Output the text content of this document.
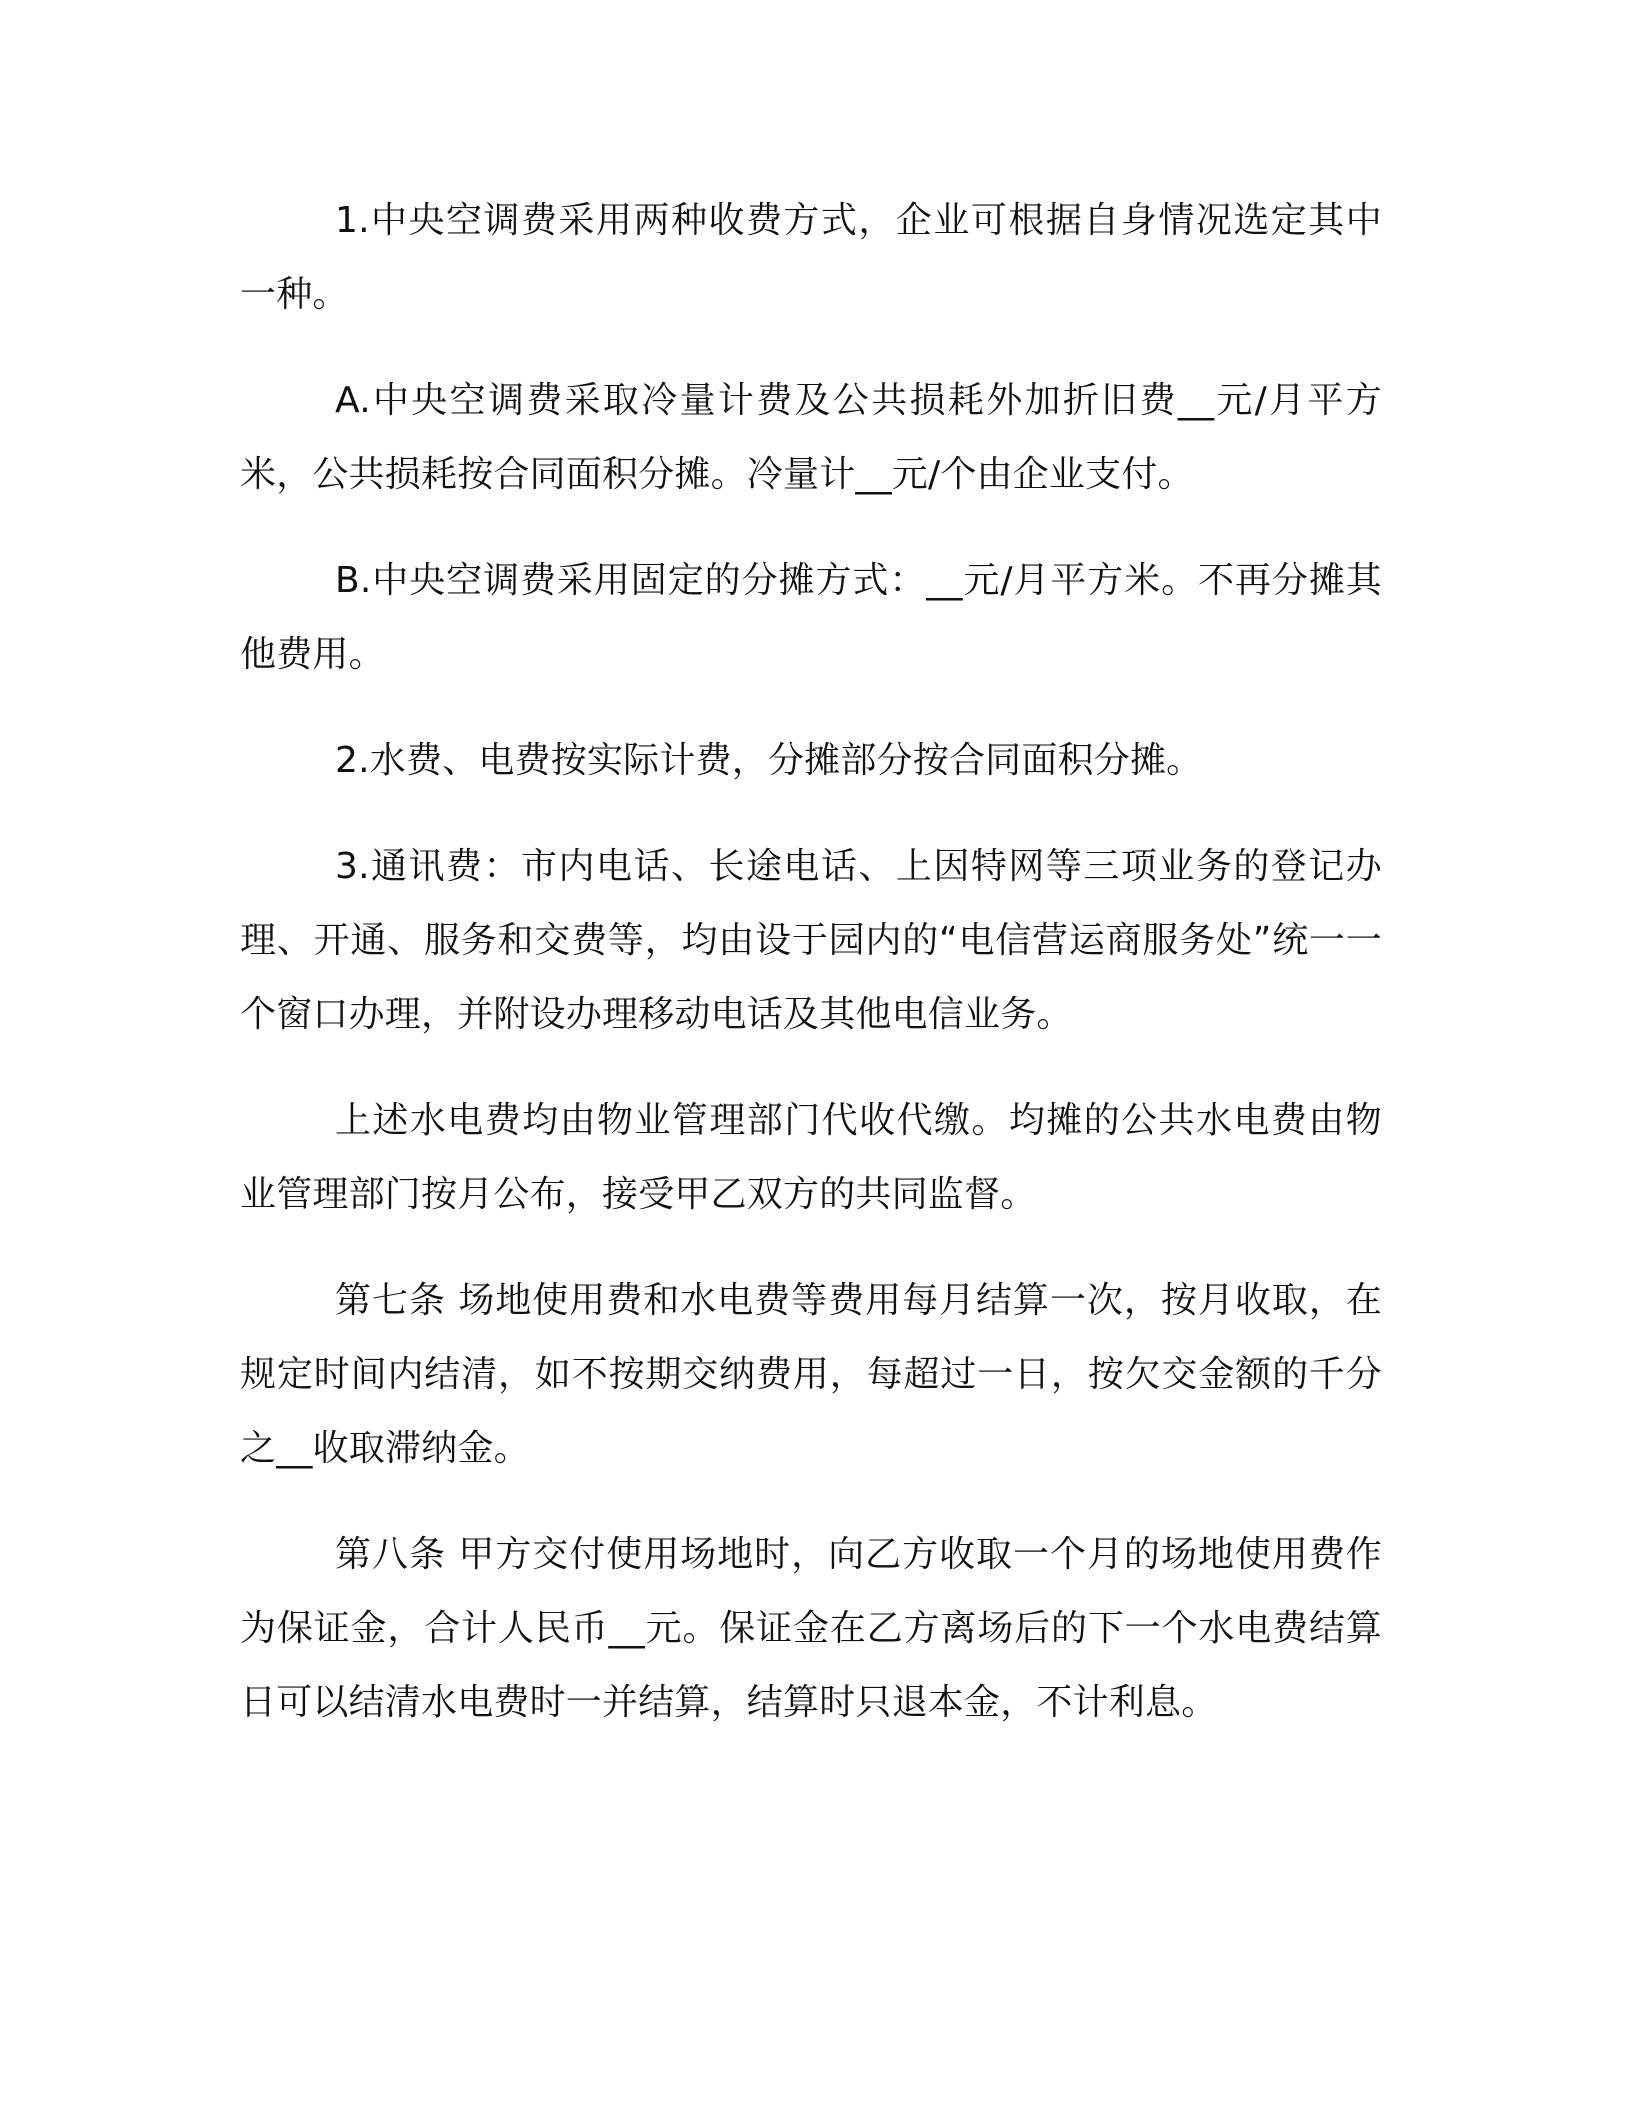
1.中央空调费采用两种收费方式，企业可根据自身情况选定其中一种。

A.中央空调费采取冷量计费及公共损耗外加折旧费__元/月平方米，公共损耗按合同面积分摊。冷量计__元/个由企业支付。

B.中央空调费采用固定的分摊方式：__元/月平方米。不再分摊其他费用。

2.水费、电费按实际计费，分摊部分按合同面积分摊。

3.通讯费：市内电话、长途电话、上因特网等三项业务的登记办理、开通、服务和交费等，均由设于园内的“电信营运商服务处”统一一个窗口办理，并附设办理移动电话及其他电信业务。

上述水电费均由物业管理部门代收代缴。均摊的公共水电费由物业管理部门按月公布，接受甲乙双方的共同监督。

第七条 场地使用费和水电费等费用每月结算一次，按月收取，在规定时间内结清，如不按期交纳费用，每超过一日，按欠交金额的千分之__收取滞纳金。

第八条 甲方交付使用场地时，向乙方收取一个月的场地使用费作为保证金，合计人民币__元。保证金在乙方离场后的下一个水电费结算日可以结清水电费时一并结算，结算时只退本金，不计利息。
